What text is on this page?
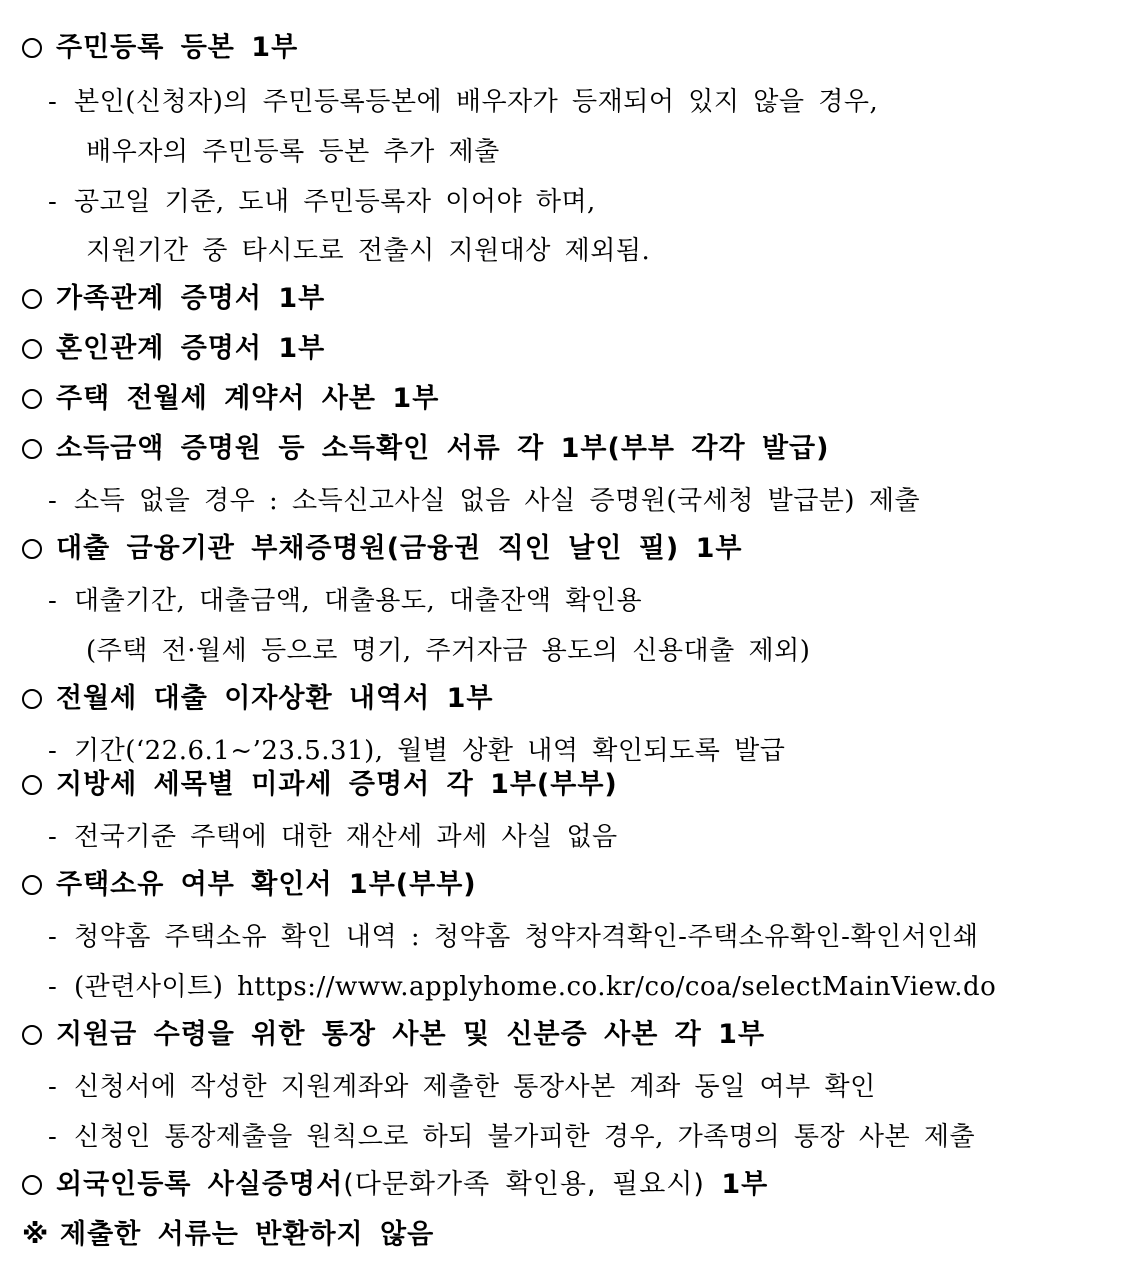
주민등록 등본 1부
- 본인(신청자)의 주민등록등본에 배우자가 등재되어 있지 않을 경우,
배우자의 주민등록 등본 추가 제출
- 공고일 기준, 도내 주민등록자 이어야 하며,
지원기간 중 타시도로 전출시 지원대상 제외됨.
가족관계 증명서 1부
혼인관계 증명서 1부
주택 전월세 계약서 사본 1부
소득금액 증명원 등 소득확인 서류 각 1부(부부 각각 발급)
- 소득 없을 경우 : 소득신고사실 없음 사실 증명원(국세청 발급분) 제출
대출 금융기관 부채증명원(금융권 직인 날인 필) 1부
- 대출기간, 대출금액, 대출용도, 대출잔액 확인용
(주택 전·월세 등으로 명기, 주거자금 용도의 신용대출 제외)
전월세 대출 이자상환 내역서 1부
- 기간(‘22.6.1~’23.5.31), 월별 상환 내역 확인되도록 발급
지방세 세목별 미과세 증명서 각 1부(부부)
- 전국기준 주택에 대한 재산세 과세 사실 없음
주택소유 여부 확인서 1부(부부)
- 청약홈 주택소유 확인 내역 : 청약홈 청약자격확인-주택소유확인-확인서인쇄
- (관련사이트) https://www.applyhome.co.kr/co/coa/selectMainView.do
지원금 수령을 위한 통장 사본 및 신분증 사본 각 1부
- 신청서에 작성한 지원계좌와 제출한 통장사본 계좌 동일 여부 확인
- 신청인 통장제출을 원칙으로 하되 불가피한 경우, 가족명의 통장 사본 제출
외국인등록 사실증명서(다문화가족 확인용, 필요시) 1부
※ 제출한 서류는 반환하지 않음
